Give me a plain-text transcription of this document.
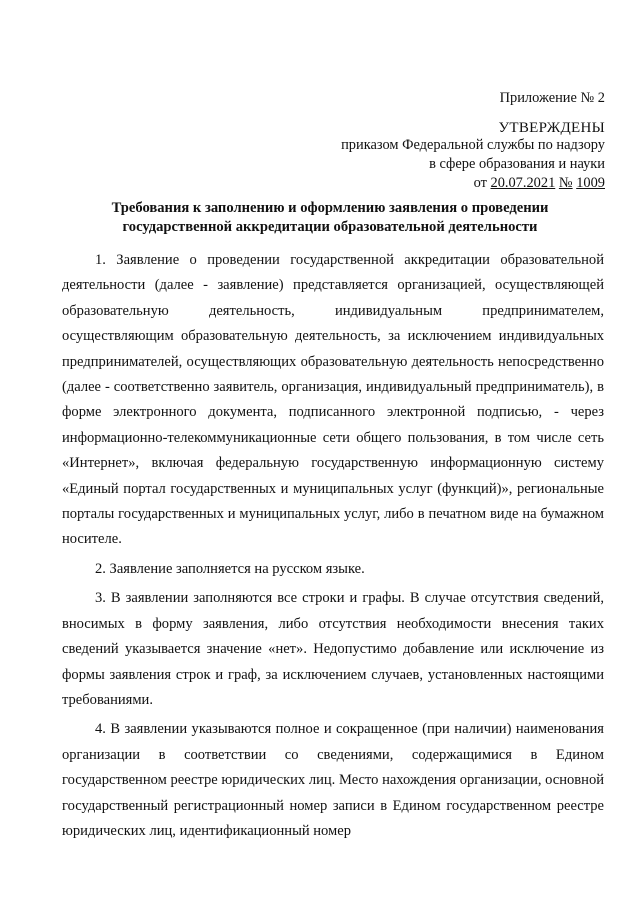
Приложение № 2
УТВЕРЖДЕНЫ
приказом Федеральной службы по надзору
в сфере образования и науки
от 20.07.2021 № 1009
Требования к заполнению и оформлению заявления о проведении государственной аккредитации образовательной деятельности

1. Заявление о проведении государственной аккредитации образовательной деятельности (далее - заявление) представляется организацией, осуществляющей образовательную деятельность, индивидуальным предпринимателем, осуществляющим образовательную деятельность, за исключением индивидуальных предпринимателей, осуществляющих образовательную деятельность непосредственно (далее - соответственно заявитель, организация, индивидуальный предприниматель), в форме электронного документа, подписанного электронной подписью, - через информационно-телекоммуникационные сети общего пользования, в том числе сеть «Интернет», включая федеральную государственную информационную систему «Единый портал государственных и муниципальных услуг (функций)», региональные порталы государственных и муниципальных услуг, либо в печатном виде на бумажном носителе.

2. Заявление заполняется на русском языке.

3. В заявлении заполняются все строки и графы. В случае отсутствия сведений, вносимых в форму заявления, либо отсутствия необходимости внесения таких сведений указывается значение «нет». Недопустимо добавление или исключение из формы заявления строк и граф, за исключением случаев, установленных настоящими требованиями.

4. В заявлении указываются полное и сокращенное (при наличии) наименования организации в соответствии со сведениями, содержащимися в Едином государственном реестре юридических лиц. Место нахождения организации, основной государственный регистрационный номер записи в Едином государственном реестре юридических лиц, идентификационный номер
